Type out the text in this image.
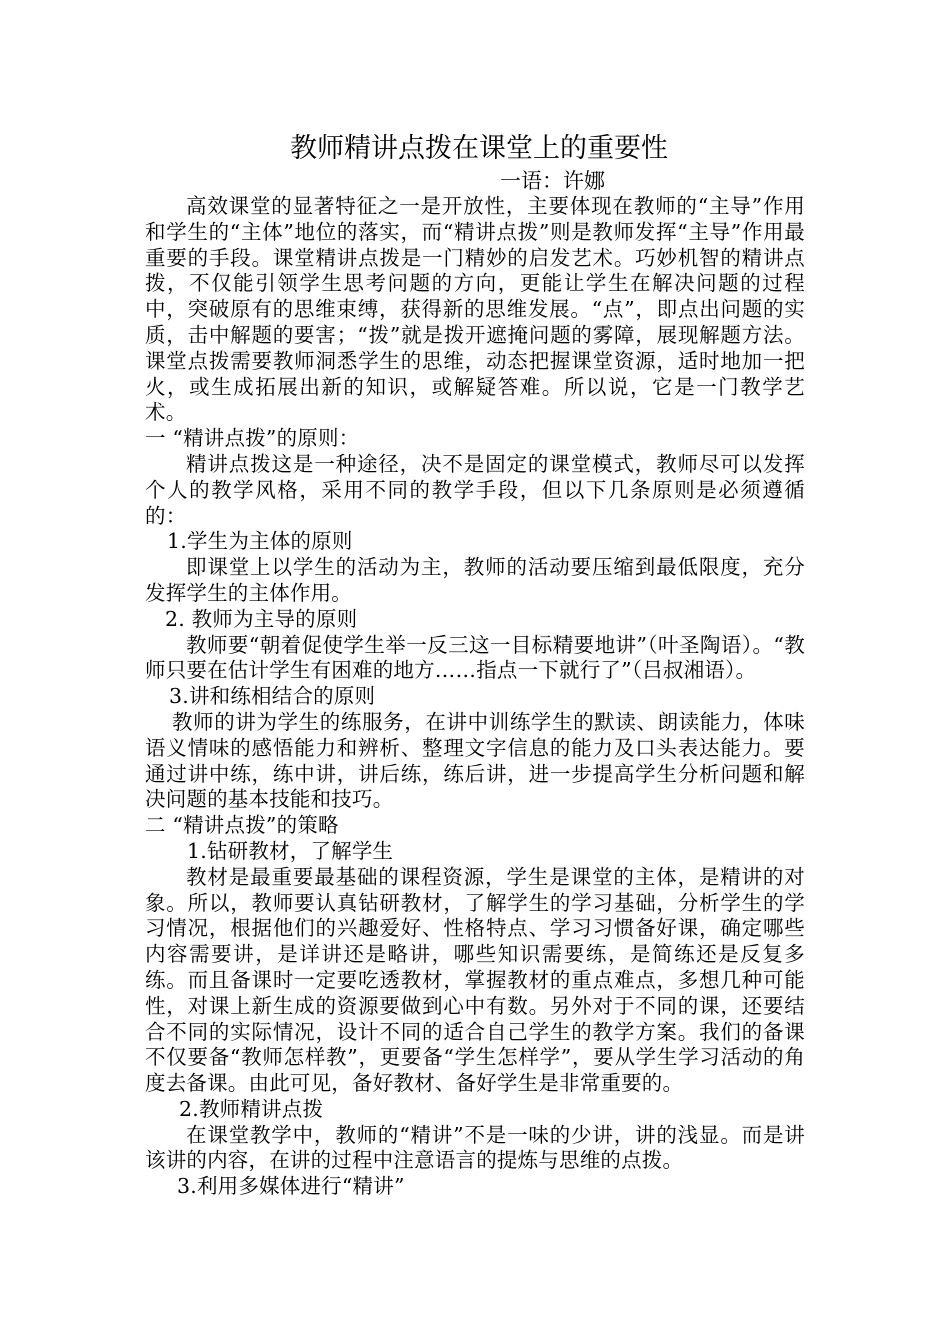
教师精讲点拨在课堂上的重要性

一语：许娜

高效课堂的显著特征之一是开放性，主要体现在教师的“主导”作用和学生的“主体”地位的落实，而“精讲点拨”则是教师发挥“主导”作用最重要的手段。课堂精讲点拨是一门精妙的启发艺术。巧妙机智的精讲点拨，不仅能引领学生思考问题的方向，更能让学生在解决问题的过程中，突破原有的思维束缚，获得新的思维发展。“点”，即点出问题的实质，击中解题的要害；“拨”就是拨开遮掩问题的雾障，展现解题方法。课堂点拨需要教师洞悉学生的思维，动态把握课堂资源，适时地加一把火，或生成拓展出新的知识，或解疑答难。所以说，它是一门教学艺术。

一 “精讲点拨”的原则：

精讲点拨这是一种途径，决不是固定的课堂模式，教师尽可以发挥个人的教学风格，采用不同的教学手段，但以下几条原则是必须遵循的：

1.学生为主体的原则

即课堂上以学生的活动为主，教师的活动要压缩到最低限度，充分发挥学生的主体作用。

2. 教师为主导的原则

教师要“朝着促使学生举一反三这一目标精要地讲”（叶圣陶语）。“教师只要在估计学生有困难的地方……指点一下就行了”（吕叔湘语）。

3.讲和练相结合的原则

教师的讲为学生的练服务，在讲中训练学生的默读、朗读能力，体味语义情味的感悟能力和辨析、整理文字信息的能力及口头表达能力。要通过讲中练，练中讲，讲后练，练后讲，进一步提高学生分析问题和解决问题的基本技能和技巧。

二 “精讲点拨”的策略

1.钻研教材，了解学生

教材是最重要最基础的课程资源，学生是课堂的主体，是精讲的对象。所以，教师要认真钻研教材，了解学生的学习基础，分析学生的学习情况，根据他们的兴趣爱好、性格特点、学习习惯备好课，确定哪些内容需要讲，是详讲还是略讲，哪些知识需要练，是简练还是反复多练。而且备课时一定要吃透教材，掌握教材的重点难点，多想几种可能性，对课上新生成的资源要做到心中有数。另外对于不同的课，还要结合不同的实际情况，设计不同的适合自己学生的教学方案。我们的备课不仅要备“教师怎样教”，更要备“学生怎样学”，要从学生学习活动的角度去备课。由此可见，备好教材、备好学生是非常重要的。

2.教师精讲点拨

在课堂教学中，教师的“精讲”不是一味的少讲，讲的浅显。而是讲该讲的内容，在讲的过程中注意语言的提炼与思维的点拨。

3.利用多媒体进行“精讲”
